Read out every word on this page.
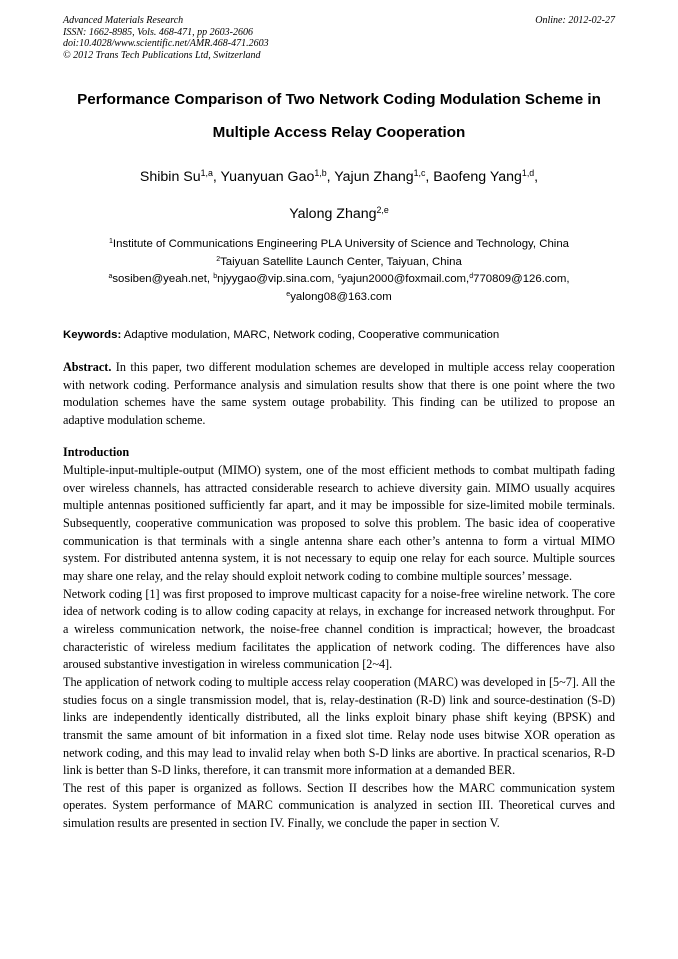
Advanced Materials Research
ISSN: 1662-8985, Vols. 468-471, pp 2603-2606
doi:10.4028/www.scientific.net/AMR.468-471.2603
© 2012 Trans Tech Publications Ltd, Switzerland
Online: 2012-02-27
Performance Comparison of Two Network Coding Modulation Scheme in
Multiple Access Relay Cooperation
Shibin Su$^{1,a}$, Yuanyuan Gao$^{1,b}$, Yajun Zhang$^{1,c}$, Baofeng Yang$^{1,d}$,
Yalong Zhang$^{2,e}$
$^1$Institute of Communications Engineering PLA University of Science and Technology, China
$^2$Taiyuan Satellite Launch Center, Taiyuan, China
$^a$sosiben@yeah.net, $^b$njyygao@vip.sina.com, $^c$yajun2000@foxmail.com,$^d$770809@126.com,
$^e$yalong08@163.com
Keywords: Adaptive modulation, MARC, Network coding, Cooperative communication

Abstract. In this paper, two different modulation schemes are developed in multiple access relay cooperation with network coding. Performance analysis and simulation results show that there is one point where the two modulation schemes have the same system outage probability. This finding can be utilized to propose an adaptive modulation scheme.

Introduction

Multiple-input-multiple-output (MIMO) system, one of the most efficient methods to combat multipath fading over wireless channels, has attracted considerable research to achieve diversity gain. MIMO usually acquires multiple antennas positioned sufficiently far apart, and it may be impossible for size-limited mobile terminals. Subsequently, cooperative communication was proposed to solve this problem. The basic idea of cooperative communication is that terminals with a single antenna share each other’s antenna to form a virtual MIMO system. For distributed antenna system, it is not necessary to equip one relay for each source. Multiple sources may share one relay, and the relay should exploit network coding to combine multiple sources’ message.

Network coding [1] was first proposed to improve multicast capacity for a noise-free wireline network. The core idea of network coding is to allow coding capacity at relays, in exchange for increased network throughput. For a wireless communication network, the noise-free channel condition is impractical; however, the broadcast characteristic of wireless medium facilitates the application of network coding. The differences have also aroused substantive investigation in wireless communication [2~4].

The application of network coding to multiple access relay cooperation (MARC) was developed in [5~7]. All the studies focus on a single transmission model, that is, relay-destination (R-D) link and source-destination (S-D) links are independently identically distributed, all the links exploit binary phase shift keying (BPSK) and transmit the same amount of bit information in a fixed slot time. Relay node uses bitwise XOR operation as network coding, and this may lead to invalid relay when both S-D links are abortive. In practical scenarios, R-D link is better than S-D links, therefore, it can transmit more information at a demanded BER.

The rest of this paper is organized as follows. Section II describes how the MARC communication system operates. System performance of MARC communication is analyzed in section III. Theoretical curves and simulation results are presented in section IV. Finally, we conclude the paper in section V.
